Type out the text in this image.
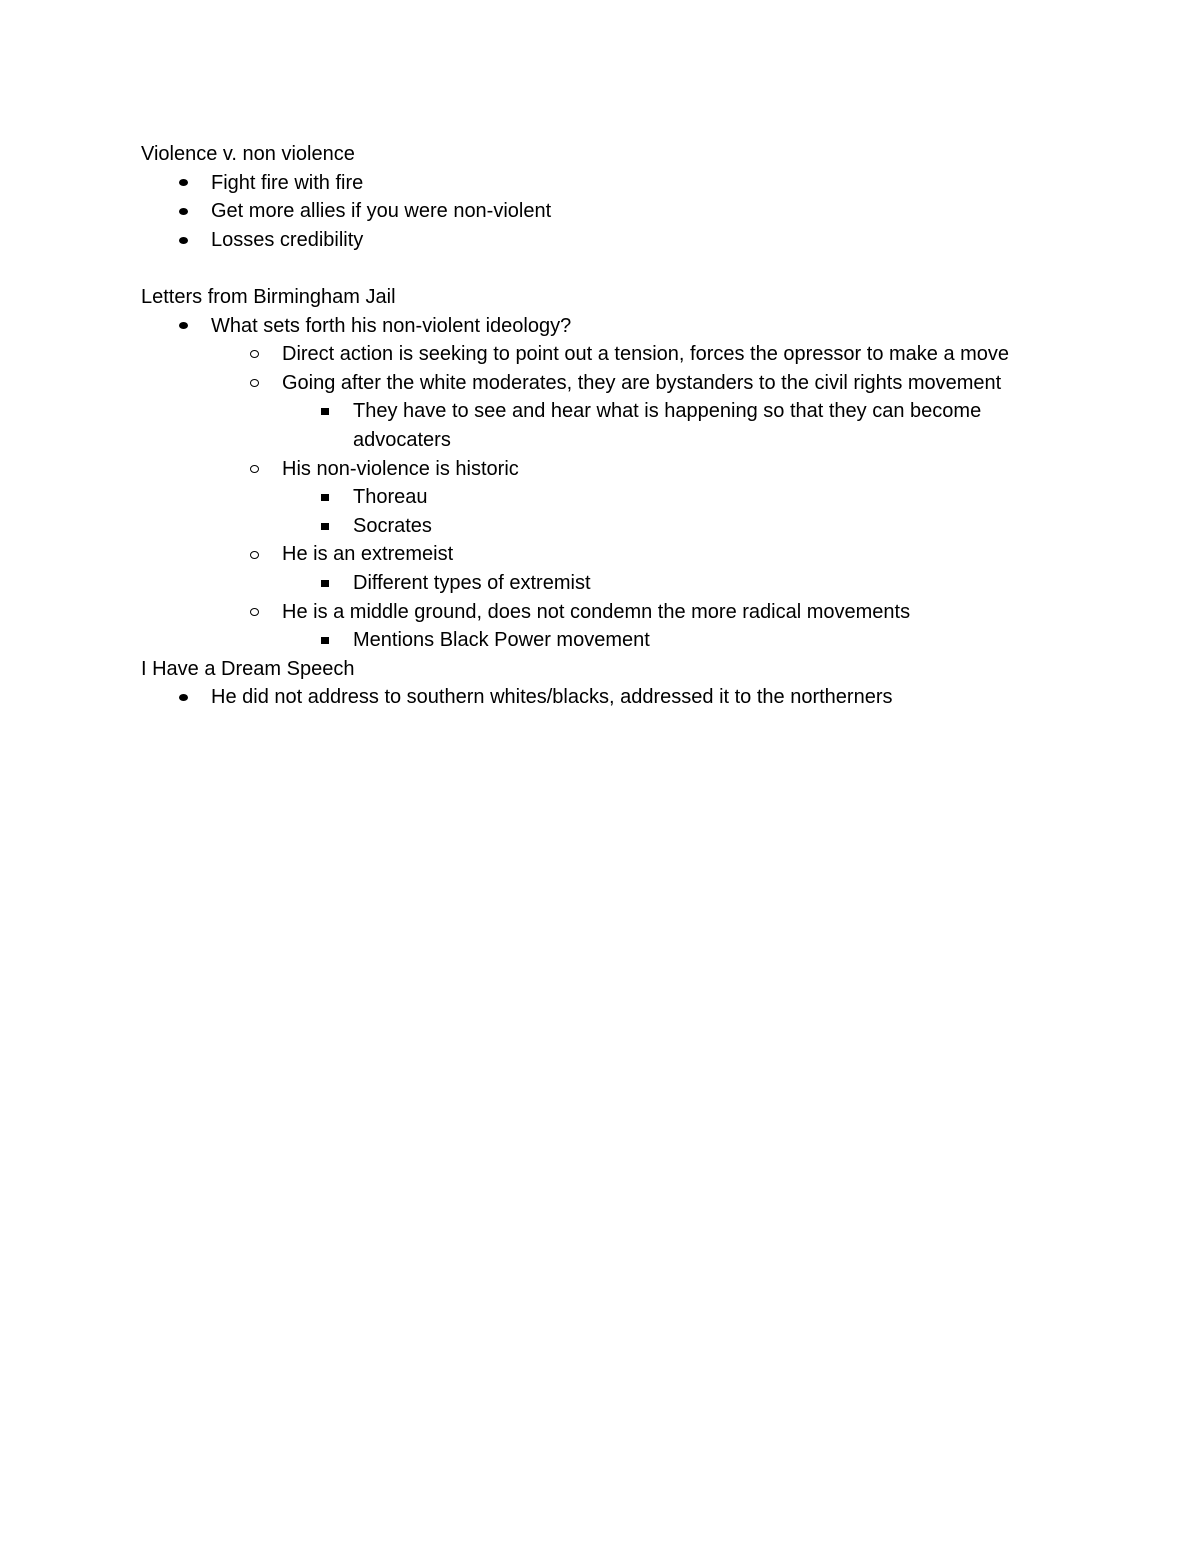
Violence v. non violence

Fight fire with fire
Get more allies if you were non-violent
Losses credibility

Letters from Birmingham Jail

What sets forth his non-violent ideology?
Direct action is seeking to point out a tension, forces the opressor to make a move
Going after the white moderates, they are bystanders to the civil rights movement
They have to see and hear what is happening so that they can become advocaters
His non-violence is historic
Thoreau
Socrates
He is an extremeist
Different types of extremist
He is a middle ground, does not condemn the more radical movements
Mentions Black Power movement

I Have a Dream Speech

He did not address to southern whites/blacks, addressed it to the northerners
